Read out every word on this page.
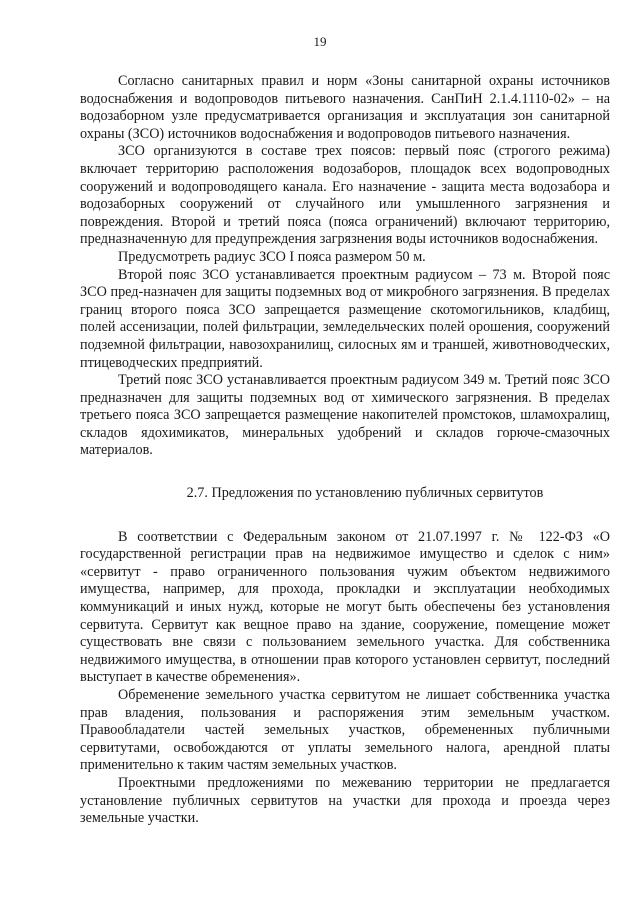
19

Согласно санитарных правил и норм «Зоны санитарной охраны источников водоснабжения и водопроводов питьевого назначения. СанПиН 2.1.4.1110-02» – на водозаборном узле предусматривается организация и эксплуатация зон санитарной охраны (ЗСО) источников водоснабжения и водопроводов питьевого назначения.

ЗСО организуются в составе трех поясов: первый пояс (строгого режима) включает территорию расположения водозаборов, площадок всех водопроводных сооружений и водопроводящего канала. Его назначение - защита места водозабора и водозаборных сооружений от случайного или умышленного загрязнения и повреждения. Второй и третий пояса (пояса ограничений) включают территорию, предназначенную для предупреждения загрязнения воды источников водоснабжения.

Предусмотреть радиус ЗСО I пояса размером 50 м.

Второй пояс ЗСО устанавливается проектным радиусом – 73 м. Второй пояс ЗСО пред-назначен для защиты подземных вод от микробного загрязнения. В пределах границ второго пояса ЗСО запрещается размещение скотомогильников, кладбищ, полей ассенизации, полей фильтрации, земледельческих полей орошения, сооружений подземной фильтрации, навозохранилищ, силосных ям и траншей, животноводческих, птицеводческих предприятий.

Третий пояс ЗСО устанавливается проектным радиусом 349 м. Третий пояс ЗСО предназначен для защиты подземных вод от химического загрязнения. В пределах третьего пояса ЗСО запрещается размещение накопителей промстоков, шламохралищ, складов ядохимикатов, минеральных удобрений и складов горюче-смазочных материалов.

2.7. Предложения по установлению публичных сервитутов

В соответствии с Федеральным законом от 21.07.1997 г. № 122-ФЗ «О государственной регистрации прав на недвижимое имущество и сделок с ним» «сервитут - право ограниченного пользования чужим объектом недвижимого имущества, например, для прохода, прокладки и эксплуатации необходимых коммуникаций и иных нужд, которые не могут быть обеспечены без установления сервитута. Сервитут как вещное право на здание, сооружение, помещение может существовать вне связи с пользованием земельного участка. Для собственника недвижимого имущества, в отношении прав которого установлен сервитут, последний выступает в качестве обременения».

Обременение земельного участка сервитутом не лишает собственника участка прав владения, пользования и распоряжения этим земельным участком. Правообладатели частей земельных участков, обремененных публичными сервитутами, освобождаются от уплаты земельного налога, арендной платы применительно к таким частям земельных участков.

Проектными предложениями по межеванию территории не предлагается установление публичных сервитутов на участки для прохода и проезда через земельные участки.
